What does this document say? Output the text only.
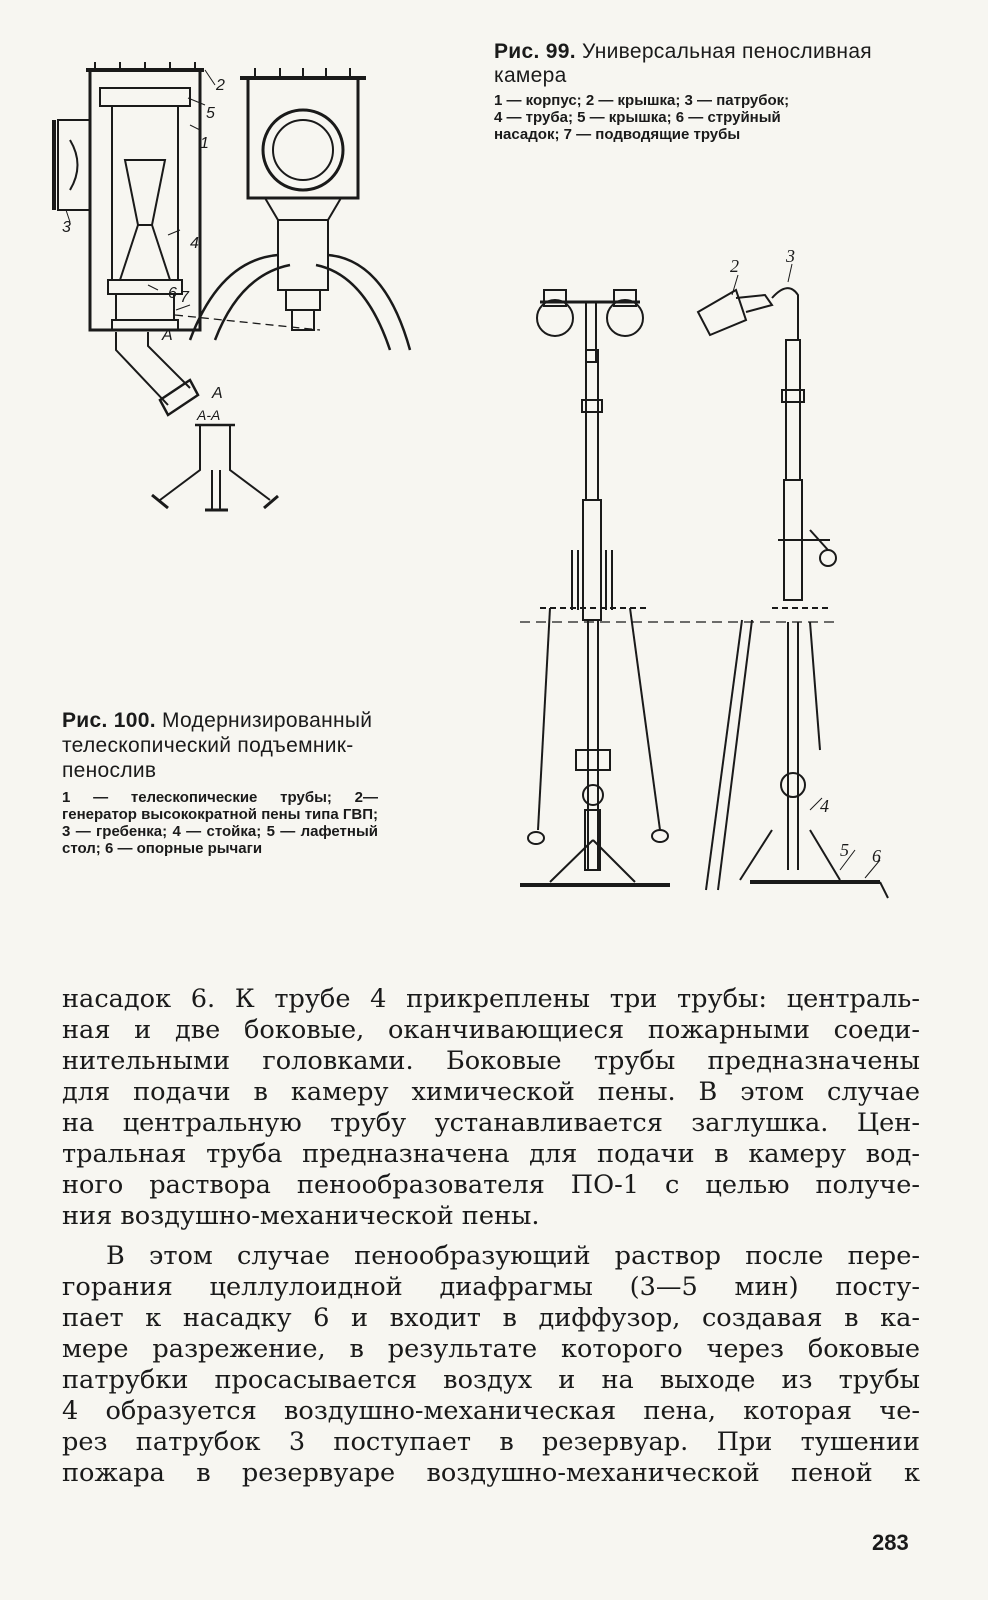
Рис. 99. Универсальная пеносливная камера
1 — корпус; 2 — крышка; 3 — патрубок;
4 — труба; 5 — крышка; 6 — струйный
насадок; 7 — подводящие трубы
2
5
1
3
4
6 7
А
А
А-А
2	3
4
5 6
Рис. 100. Модернизированный телескопический подъемник-пенослив
1 — телескопические трубы; 2—генератор высокократной пены типа ГВП; 3 — гребенка; 4 — стойка; 5 — лафетный стол; 6 — опорные рычаги
насадок 6. К трубе 4 прикреплены три трубы: централь-
ная и две боковые, оканчивающиеся пожарными соеди-
нительными головками. Боковые трубы предназначены
для подачи в камеру химической пены. В этом случае
на центральную трубу устанавливается заглушка. Цен-
тральная труба предназначена для подачи в камеру вод-
ного раствора пенообразователя ПО-1 с целью получе-
ния воздушно-механической пены.
В этом случае пенообразующий раствор после пере-
горания целлулоидной диафрагмы (3—5 мин) посту-
пает к насадку 6 и входит в диффузор, создавая в ка-
мере разрежение, в результате которого через боковые
патрубки просасывается воздух и на выходе из трубы
4 образуется воздушно-механическая пена, которая че-
рез патрубок 3 поступает в резервуар. При тушении
пожара в резервуаре воздушно-механической пеной к
283
